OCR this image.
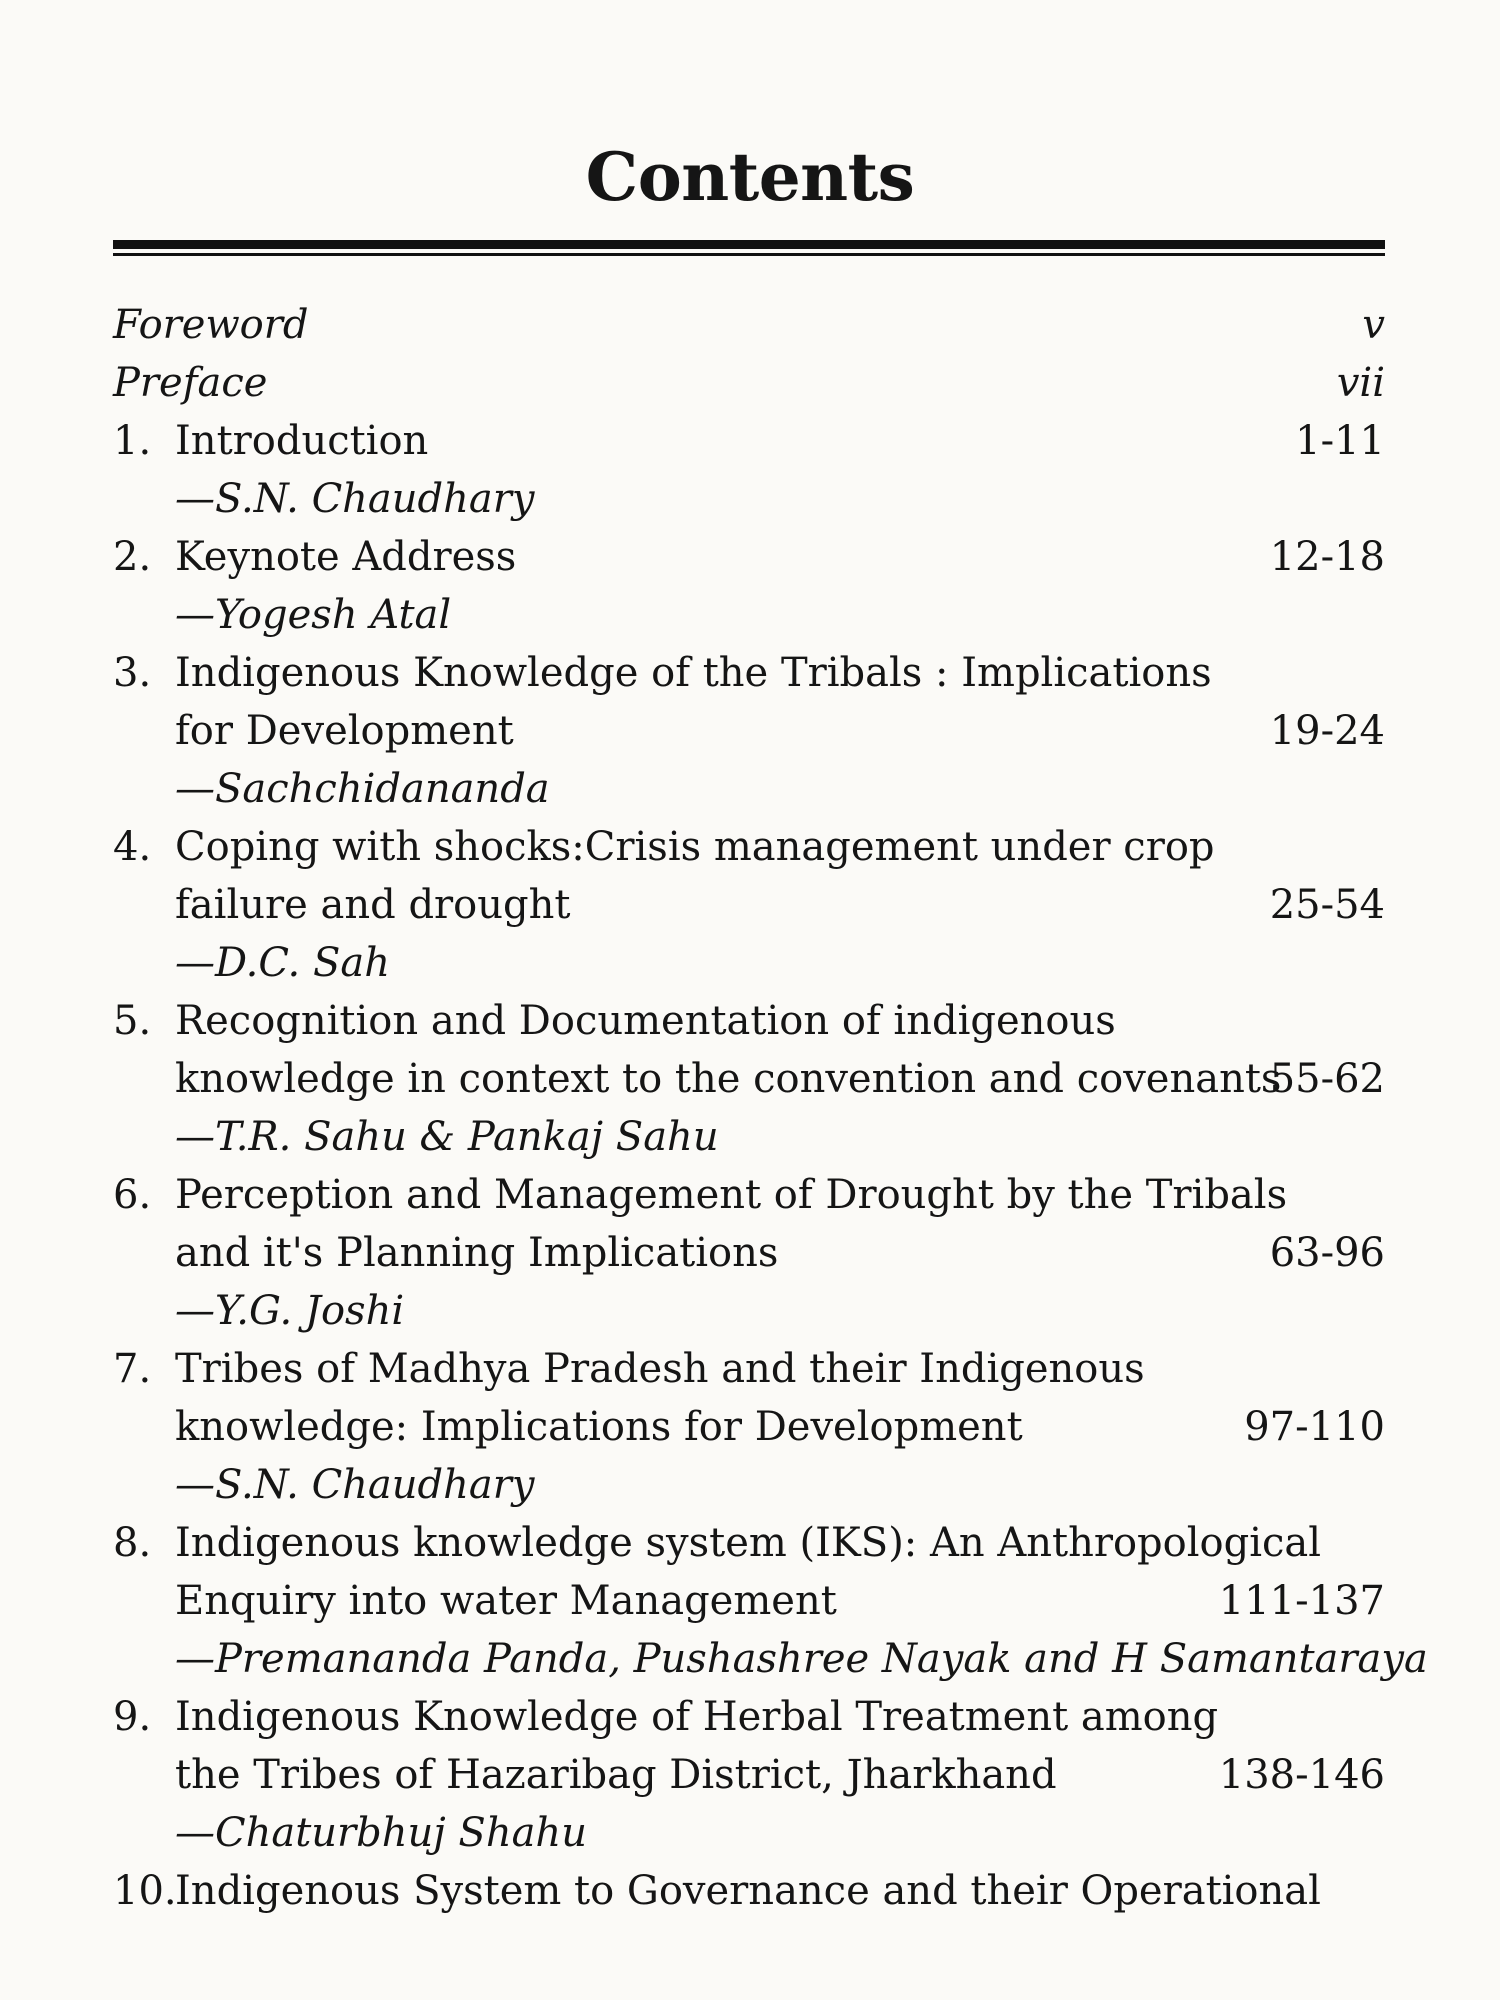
Contents
Foreword	v
Preface	vii
1. Introduction	1-11
—S.N. Chaudhary
2. Keynote Address	12-18
—Yogesh Atal
3. Indigenous Knowledge of the Tribals : Implications
for Development	19-24
—Sachchidananda
4. Coping with shocks:Crisis management under crop
failure and drought	25-54
—D.C. Sah
5. Recognition and Documentation of indigenous
knowledge in context to the convention and covenants
55-62
—T.R. Sahu & Pankaj Sahu
6. Perception and Management of Drought by the Tribals
and it's Planning Implications	63-96
—Y.G. Joshi
7. Tribes of Madhya Pradesh and their Indigenous
knowledge: Implications for Development	97-110
—S.N. Chaudhary
8. Indigenous knowledge system (IKS): An Anthropological
Enquiry into water Management	111-137
—Premananda Panda, Pushashree Nayak and H Samantaraya
9. Indigenous Knowledge of Herbal Treatment among
the Tribes of Hazaribag District, Jharkhand	138-146
—Chaturbhuj Shahu
10.
Indigenous System to Governance and their Operational
